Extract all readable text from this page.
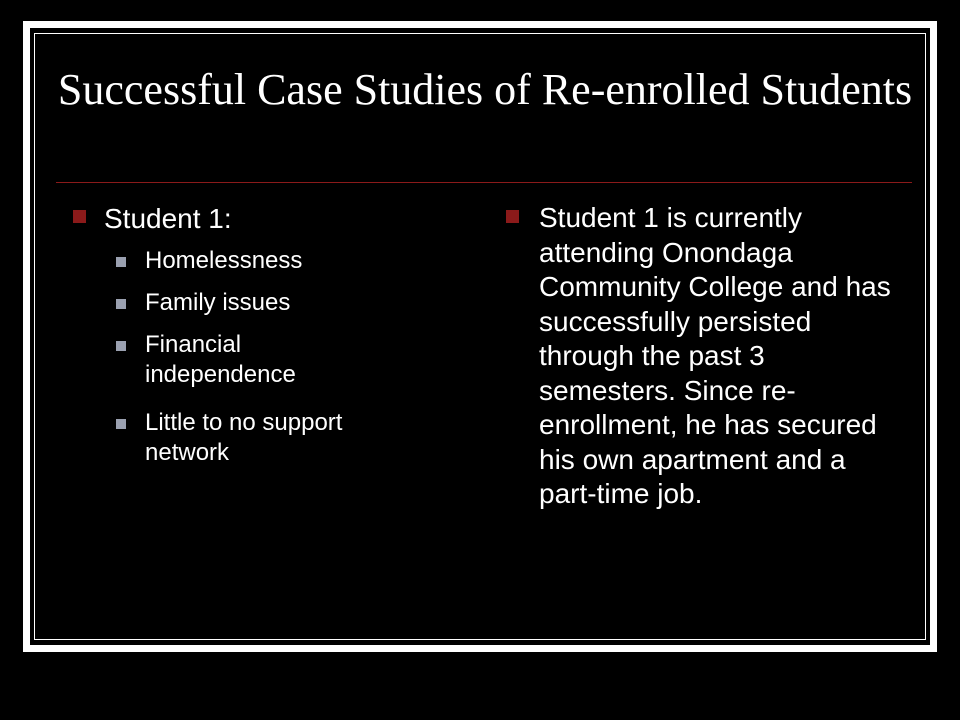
Successful Case Studies of Re-enrolled Students

Student 1:

Homelessness

Family issues

Financial independence

Little to no support network

Student 1 is currently attending Onondaga Community College and has successfully persisted through the past 3 semesters. Since re-enrollment, he has secured his own apartment and a part-time job.
